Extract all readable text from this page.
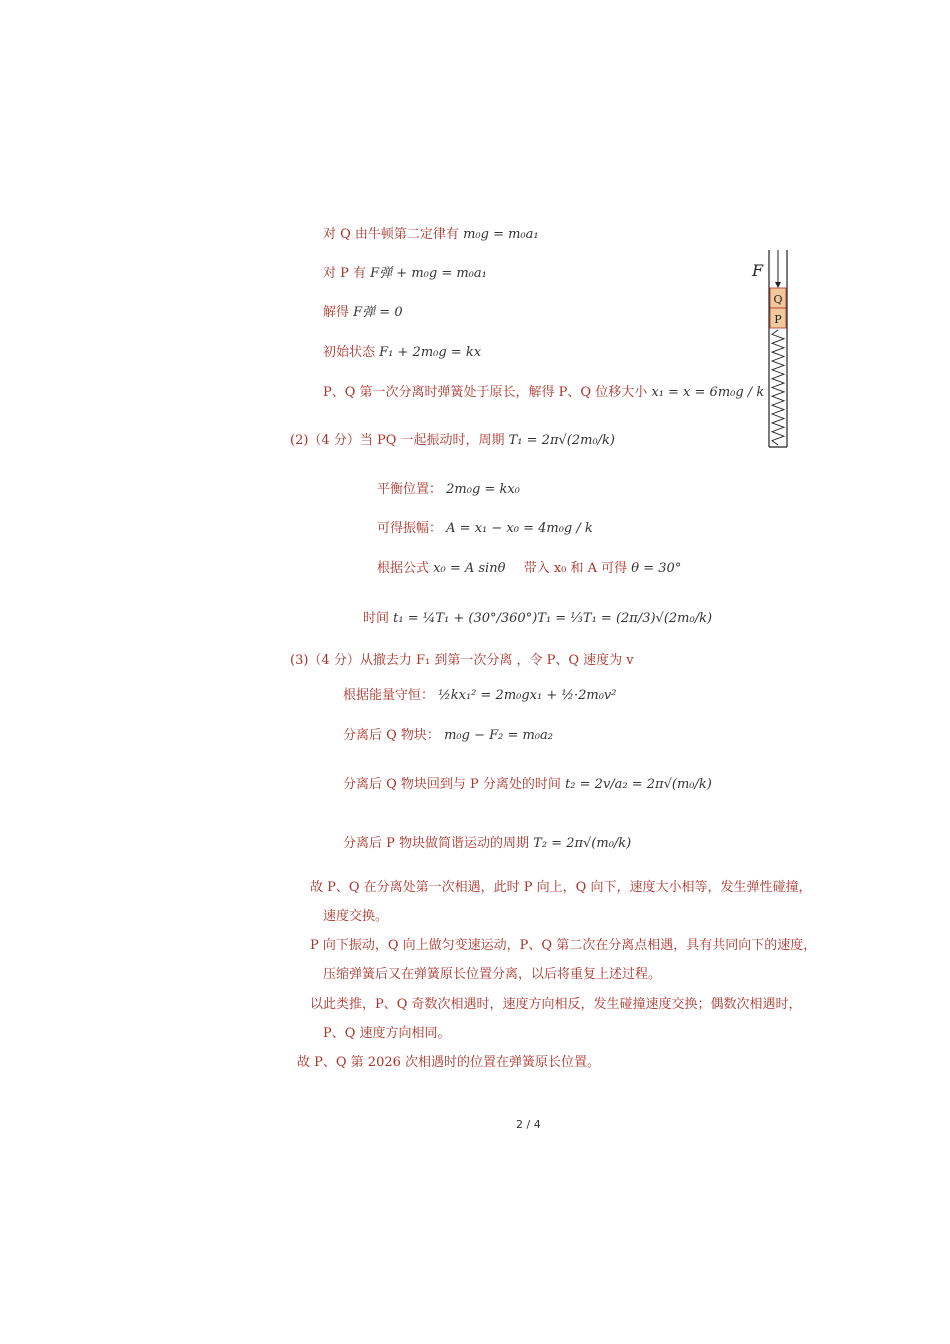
对 Q 由牛顿第二定律有 m₀g = m₀a₁
对 P 有 F弹 + m₀g = m₀a₁
解得 F弹 = 0
初始状态 F₁ + 2m₀g = kx
P、Q 第一次分离时弹簧处于原长，解得 P、Q 位移大小 x₁ = x = 6m₀g / k
(2)（4 分）当 PQ 一起振动时，周期 T₁ = 2π√(2m₀/k)
平衡位置： 2m₀g = kx₀
可得振幅： A = x₁ − x₀ = 4m₀g / k
根据公式 x₀ = A sinθ 带入 x₀ 和 A 可得 θ = 30°
时间 t₁ = ¼T₁ + (30°/360°)T₁ = ⅓T₁ = (2π/3)√(2m₀/k)
(3)（4 分）从撤去力 F₁ 到第一次分离 ，令 P、Q 速度为 v
根据能量守恒： ½kx₁² = 2m₀gx₁ + ½·2m₀v²
分离后 Q 物块： m₀g − F₂ = m₀a₂
分离后 Q 物块回到与 P 分离处的时间 t₂ = 2v/a₂ = 2π√(m₀/k)
分离后 P 物块做简谐运动的周期 T₂ = 2π√(m₀/k)
故 P、Q 在分离处第一次相遇，此时 P 向上，Q 向下，速度大小相等，发生弹性碰撞，
速度交换。
P 向下振动，Q 向上做匀变速运动，P、Q 第二次在分离点相遇，具有共同向下的速度，
压缩弹簧后又在弹簧原长位置分离，以后将重复上述过程。
以此类推，P、Q 奇数次相遇时，速度方向相反，发生碰撞速度交换；偶数次相遇时，
P、Q 速度方向相同。
故 P、Q 第 2026 次相遇时的位置在弹簧原长位置。
F
Q
P
2 / 4
